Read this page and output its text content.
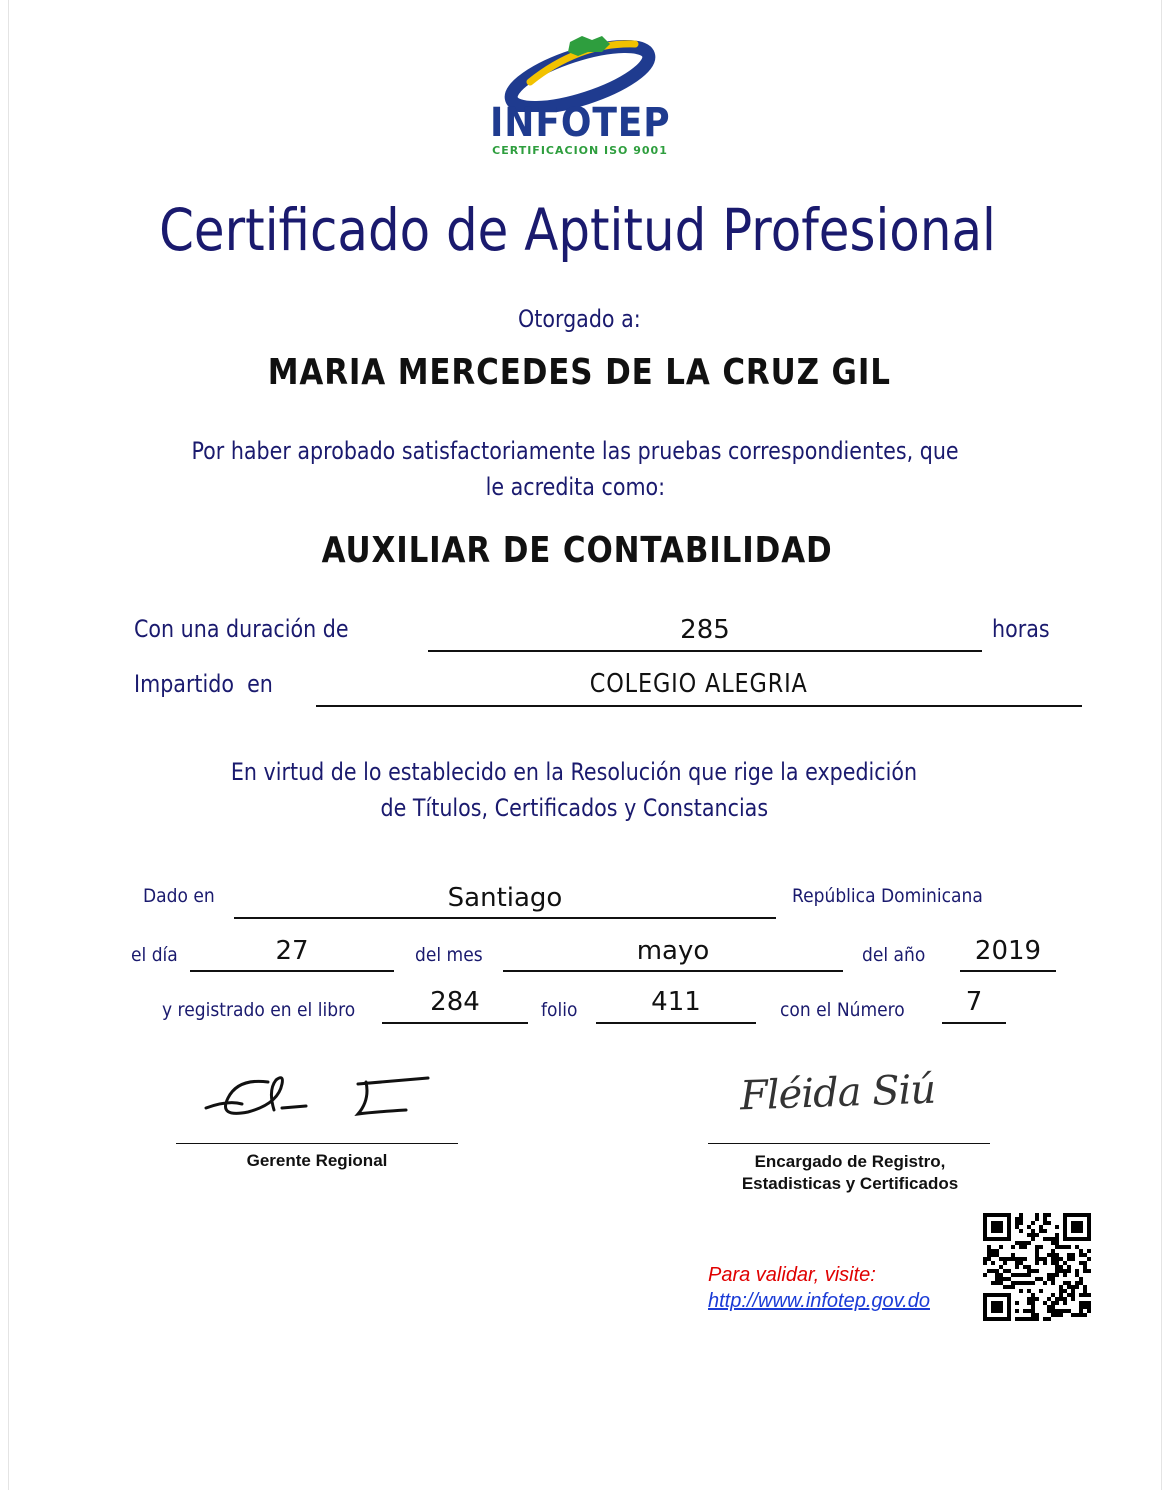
INFOTEP
CERTIFICACION ISO 9001
Certificado de Aptitud Profesional
Otorgado a:
MARIA MERCEDES DE LA CRUZ GIL
Por haber aprobado satisfactoriamente las pruebas correspondientes, que
le acredita como:
AUXILIAR DE CONTABILIDAD
Con una duración de	285	horas
Impartido  en	COLEGIO ALEGRIA
En virtud de lo establecido en la Resolución que rige la expedición
de Títulos, Certificados y Constancias
Dado en	Santiago	República Dominicana
el día	27	del mes	mayo	del año	2019
y registrado en el libro	284	folio	411	con el Número	7
Gerente Regional
Fléida Siú
Encargado de Registro,
Estadisticas y Certificados
Para validar, visite:
http://www.infotep.gov.do
